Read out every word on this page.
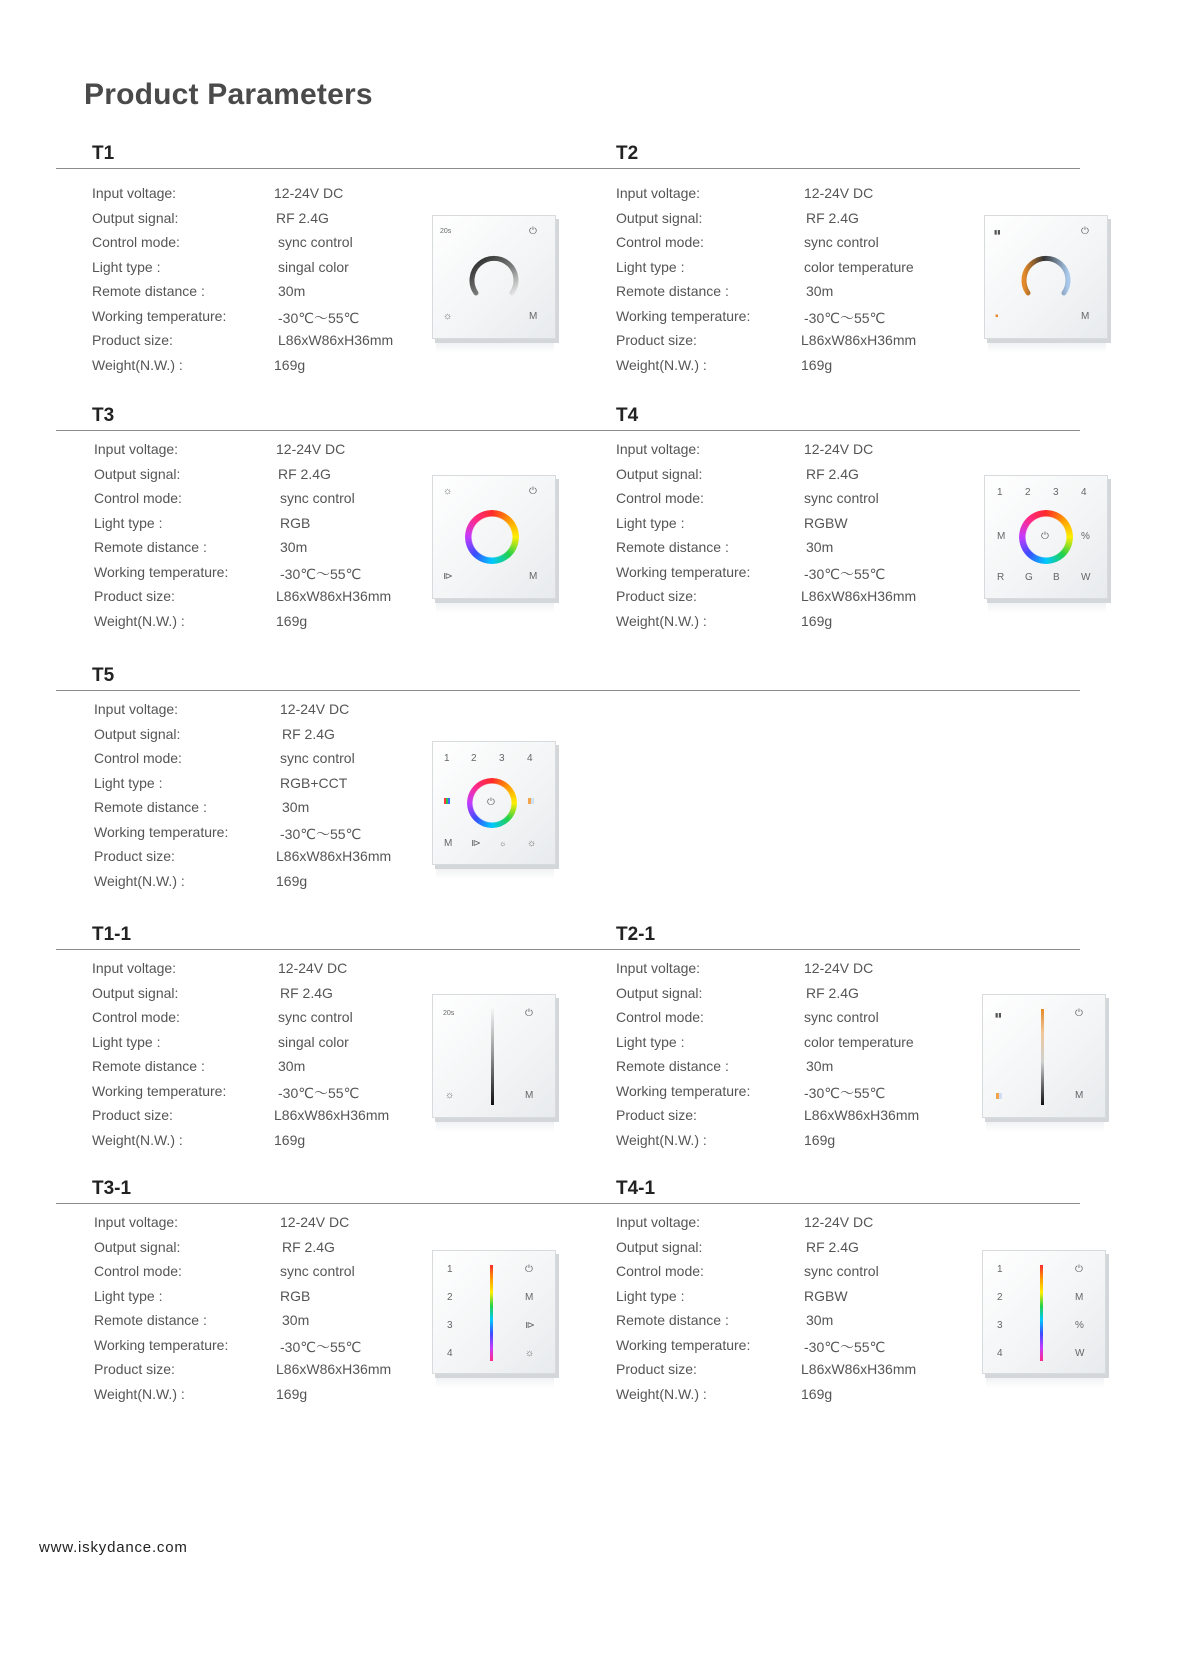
Product Parameters
T1
Input voltage:	12-24V DC
Output signal:	RF 2.4G
Control mode:	sync control
Light type :	singal color
Remote distance :	30m
Working temperature:	-30℃～55℃
Product size:	L86xW86xH36mm
Weight(N.W.) :	169g
20s	⏻
☼	M
T2
Input voltage:	12-24V DC
Output signal:	RF 2.4G
Control mode:	sync control
Light type :	color temperature
Remote distance :	30m
Working temperature:	-30℃～55℃
Product size:	L86xW86xH36mm
Weight(N.W.) :	169g
▮▮	⏻
▪	M
T3
Input voltage:	12-24V DC
Output signal:	RF 2.4G
Control mode:	sync control
Light type :	RGB
Remote distance :	30m
Working temperature:	-30℃～55℃
Product size:	L86xW86xH36mm
Weight(N.W.) :	169g
☼	⏻
⧐	M
T4
Input voltage:	12-24V DC
Output signal:	RF 2.4G
Control mode:	sync control
Light type :	RGBW
Remote distance :	30m
Working temperature:	-30℃～55℃
Product size:	L86xW86xH36mm
Weight(N.W.) :	169g
1 2 3 4
M	⏻	%
R G B W
T5
Input voltage:	12-24V DC
Output signal:	RF 2.4G
Control mode:	sync control
Light type :	RGB+CCT
Remote distance :	30m
Working temperature:	-30℃～55℃
Product size:	L86xW86xH36mm
Weight(N.W.) :	169g
1 2 3 4
⏻
M ⧐ ☼ ☼
T1-1
Input voltage:	12-24V DC
Output signal:	RF 2.4G
Control mode:	sync control
Light type :	singal color
Remote distance :	30m
Working temperature:	-30℃～55℃
Product size:	L86xW86xH36mm
Weight(N.W.) :	169g
20s	⏻
☼	M
T2-1
Input voltage:	12-24V DC
Output signal:	RF 2.4G
Control mode:	sync control
Light type :	color temperature
Remote distance :	30m
Working temperature:	-30℃～55℃
Product size:	L86xW86xH36mm
Weight(N.W.) :	169g
▮▮	⏻
M
T3-1
Input voltage:	12-24V DC
Output signal:	RF 2.4G
Control mode:	sync control
Light type :	RGB
Remote distance :	30m
Working temperature:	-30℃～55℃
Product size:	L86xW86xH36mm
Weight(N.W.) :	169g
1
2
3
4
⏻
M
⧐
☼
T4-1
Input voltage:	12-24V DC
Output signal:	RF 2.4G
Control mode:	sync control
Light type :	RGBW
Remote distance :	30m
Working temperature:	-30℃～55℃
Product size:	L86xW86xH36mm
Weight(N.W.) :	169g
1
2
3
4
⏻
M
%
W
www.iskydance.com
